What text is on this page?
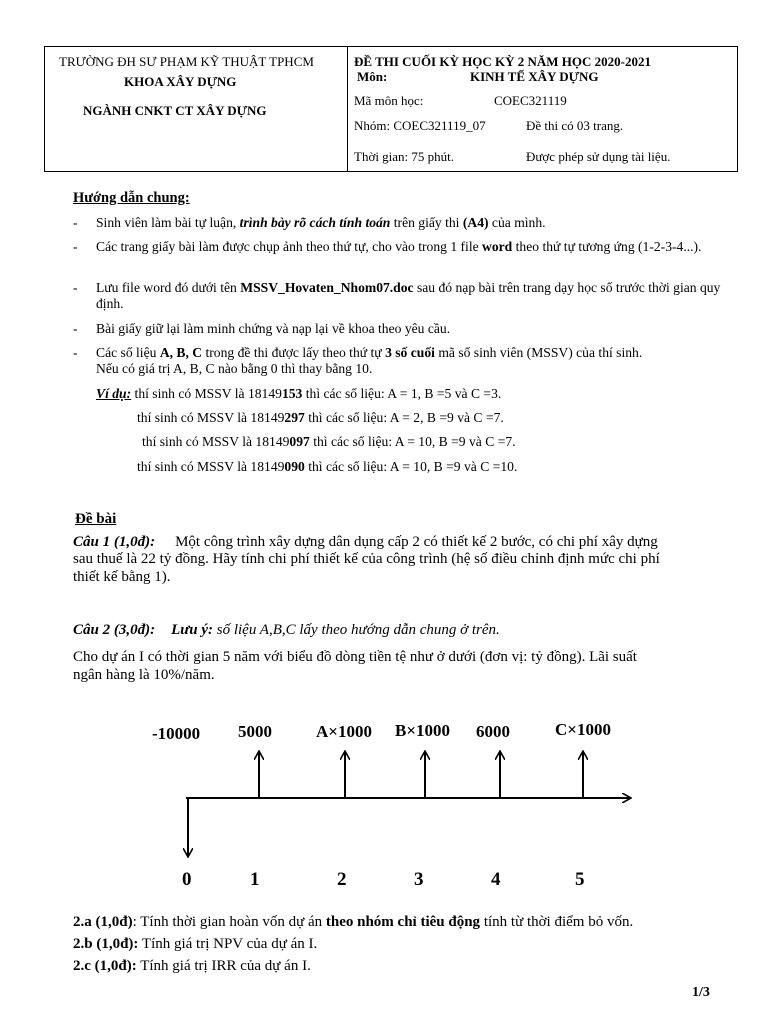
TRƯỜNG ĐH SƯ PHẠM KỸ THUẬT TPHCM
KHOA XÂY DỰNG
NGÀNH CNKT CT XÂY DỰNG
ĐỀ THI CUỐI KỲ HỌC KỲ 2 NĂM HỌC 2020-2021
Môn:	KINH TẾ XÂY DỰNG
Mã môn học:	COEC321119
Nhóm: COEC321119_07	Đề thi có 03 trang.
Thời gian: 75 phút.	Được phép sử dụng tài liệu.
Hướng dẫn chung:
- Sinh viên làm bài tự luận, trình bày rõ cách tính toán trên giấy thi (A4) của mình.
- Các trang giấy bài làm được chụp ảnh theo thứ tự, cho vào trong 1 file word theo thứ tự tương ứng (1-2-3-4...).
- Lưu file word đó dưới tên MSSV_Hovaten_Nhom07.doc sau đó nạp bài trên trang dạy học số trước thời gian quy định.
- Bài giấy giữ lại làm minh chứng và nạp lại về khoa theo yêu cầu.
- Các số liệu A, B, C trong đề thi được lấy theo thứ tự 3 số cuối mã số sinh viên (MSSV) của thí sinh.
Nếu có giá trị A, B, C nào bằng 0 thì thay bằng 10.
Ví dụ: thí sinh có MSSV là 18149153 thì các số liệu: A = 1, B =5 và C =3.
thí sinh có MSSV là 18149297 thì các số liệu: A = 2, B =9 và C =7.
thí sinh có MSSV là 18149097 thì các số liệu: A = 10, B =9 và C =7.
thí sinh có MSSV là 18149090 thì các số liệu: A = 10, B =9 và C =10.
Đề bài
Câu 1 (1,0đ): Một công trình xây dựng dân dụng cấp 2 có thiết kế 2 bước, có chi phí xây dựng
sau thuế là 22 tỷ đồng. Hãy tính chi phí thiết kế của công trình (hệ số điều chỉnh định mức chi phí
thiết kế bằng 1).
Câu 2 (3,0đ): Lưu ý: số liệu A,B,C lấy theo hướng dẫn chung ở trên.
Cho dự án I có thời gian 5 năm với biểu đồ dòng tiền tệ như ở dưới (đơn vị: tỷ đồng). Lãi suất
ngân hàng là 10%/năm.
-10000 5000	A×1000 B×1000 6000	C×1000
0	1	2	3	4	5
2.a (1,0đ): Tính thời gian hoàn vốn dự án theo nhóm chỉ tiêu động tính từ thời điểm bỏ vốn.
2.b (1,0đ): Tính giá trị NPV của dự án I.
2.c (1,0đ): Tính giá trị IRR của dự án I.
1/3
